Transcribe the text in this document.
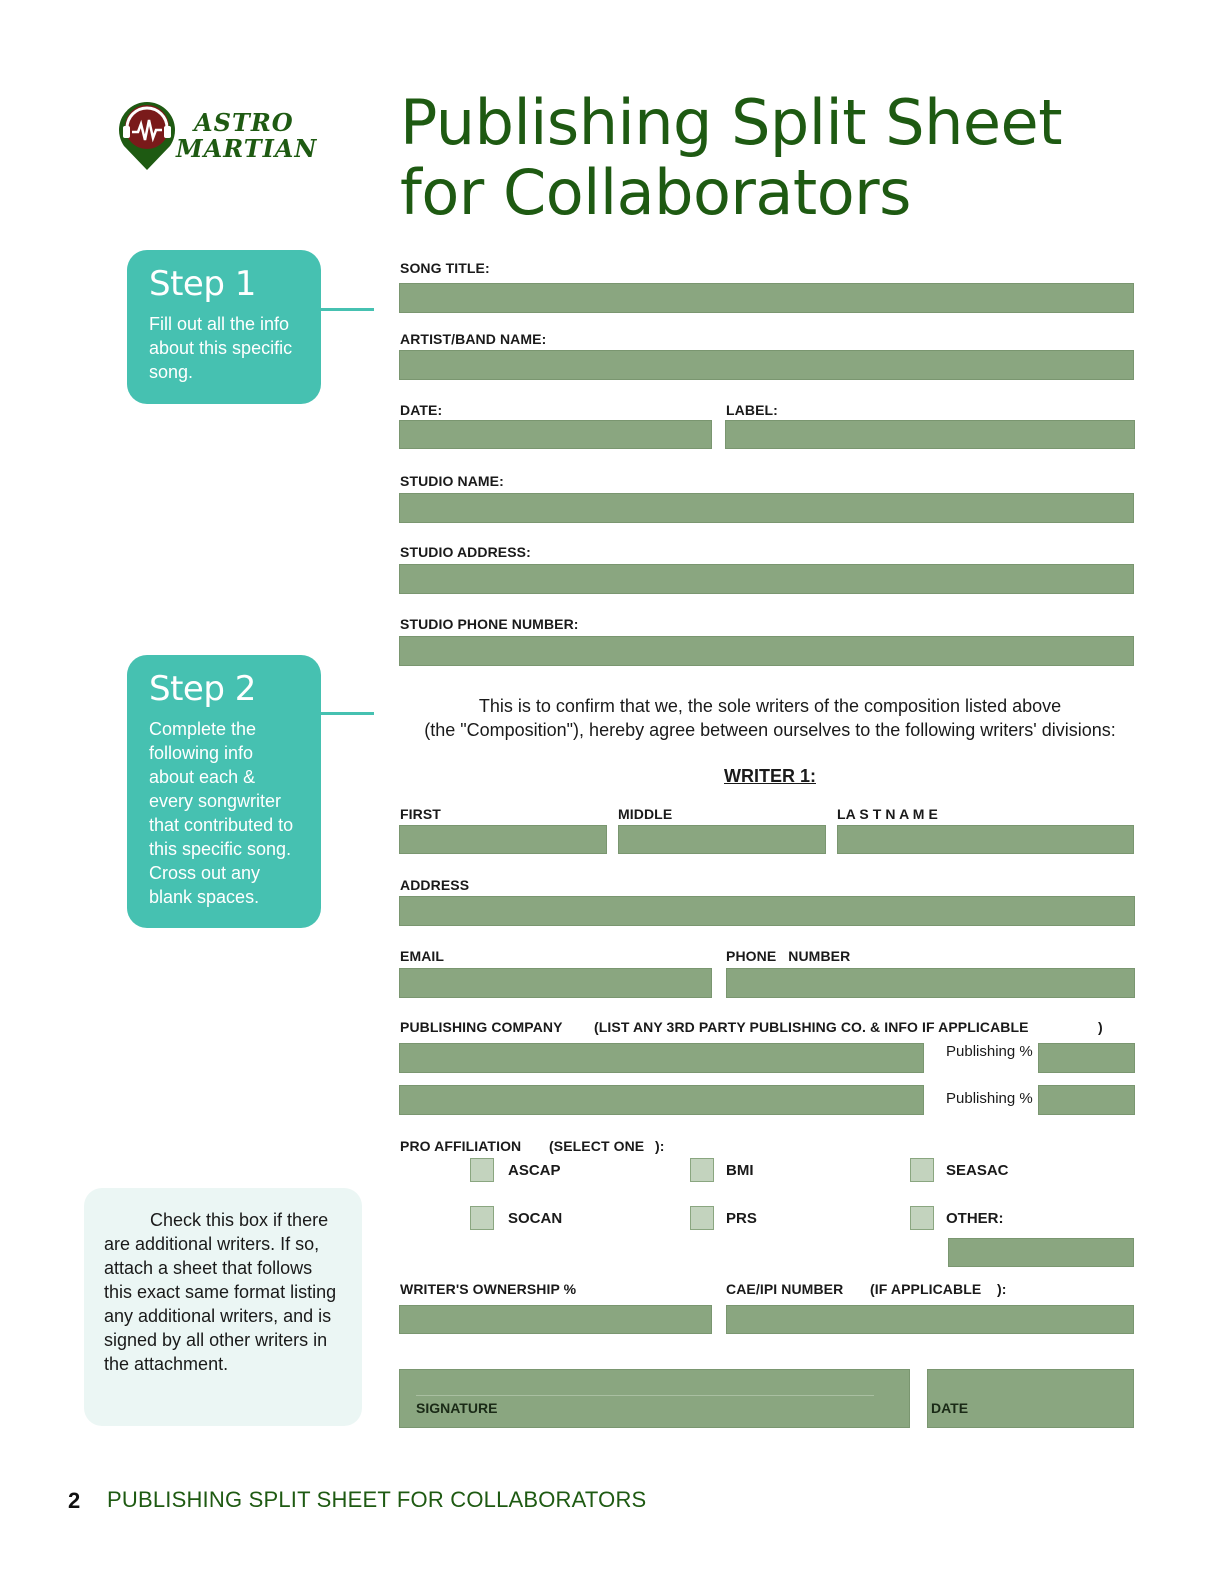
ASTRO
MARTIAN Publishing Split Sheet
for Collaborators
Step 1
Fill out all the info about this specific song.
Step 2
Complete the following info about each & every songwriter that contributed to this specific song. Cross out any blank spaces.
Check this box if there are additional writers. If so, attach a sheet that follows this exact same format listing any additional writers, and is signed by all other writers in the attachment.
SONG TITLE:
ARTIST/BAND NAME:
DATE:	LABEL:
STUDIO NAME:
STUDIO ADDRESS:
STUDIO PHONE NUMBER:
This is to confirm that we, the sole writers of the composition listed above
(the "Composition"), hereby agree between ourselves to the following writers' divisions:
WRITER 1:
FIRST	MIDDLE	LA S T N A M E
ADDRESS
EMAIL	PHONE   NUMBER
PUBLISHING COMPANY (LIST ANY 3RD PARTY PUBLISHING CO. & INFO IF APPLICABLE	)
Publishing %
Publishing %
PRO AFFILIATION (SELECT ONE ):
ASCAP	BMI	SEASAC
SOCAN	PRS	OTHER:
WRITER'S OWNERSHIP %	CAE/IPI NUMBER (IF APPLICABLE ):
SIGNATURE	DATE
2 PUBLISHING SPLIT SHEET FOR COLLABORATORS
